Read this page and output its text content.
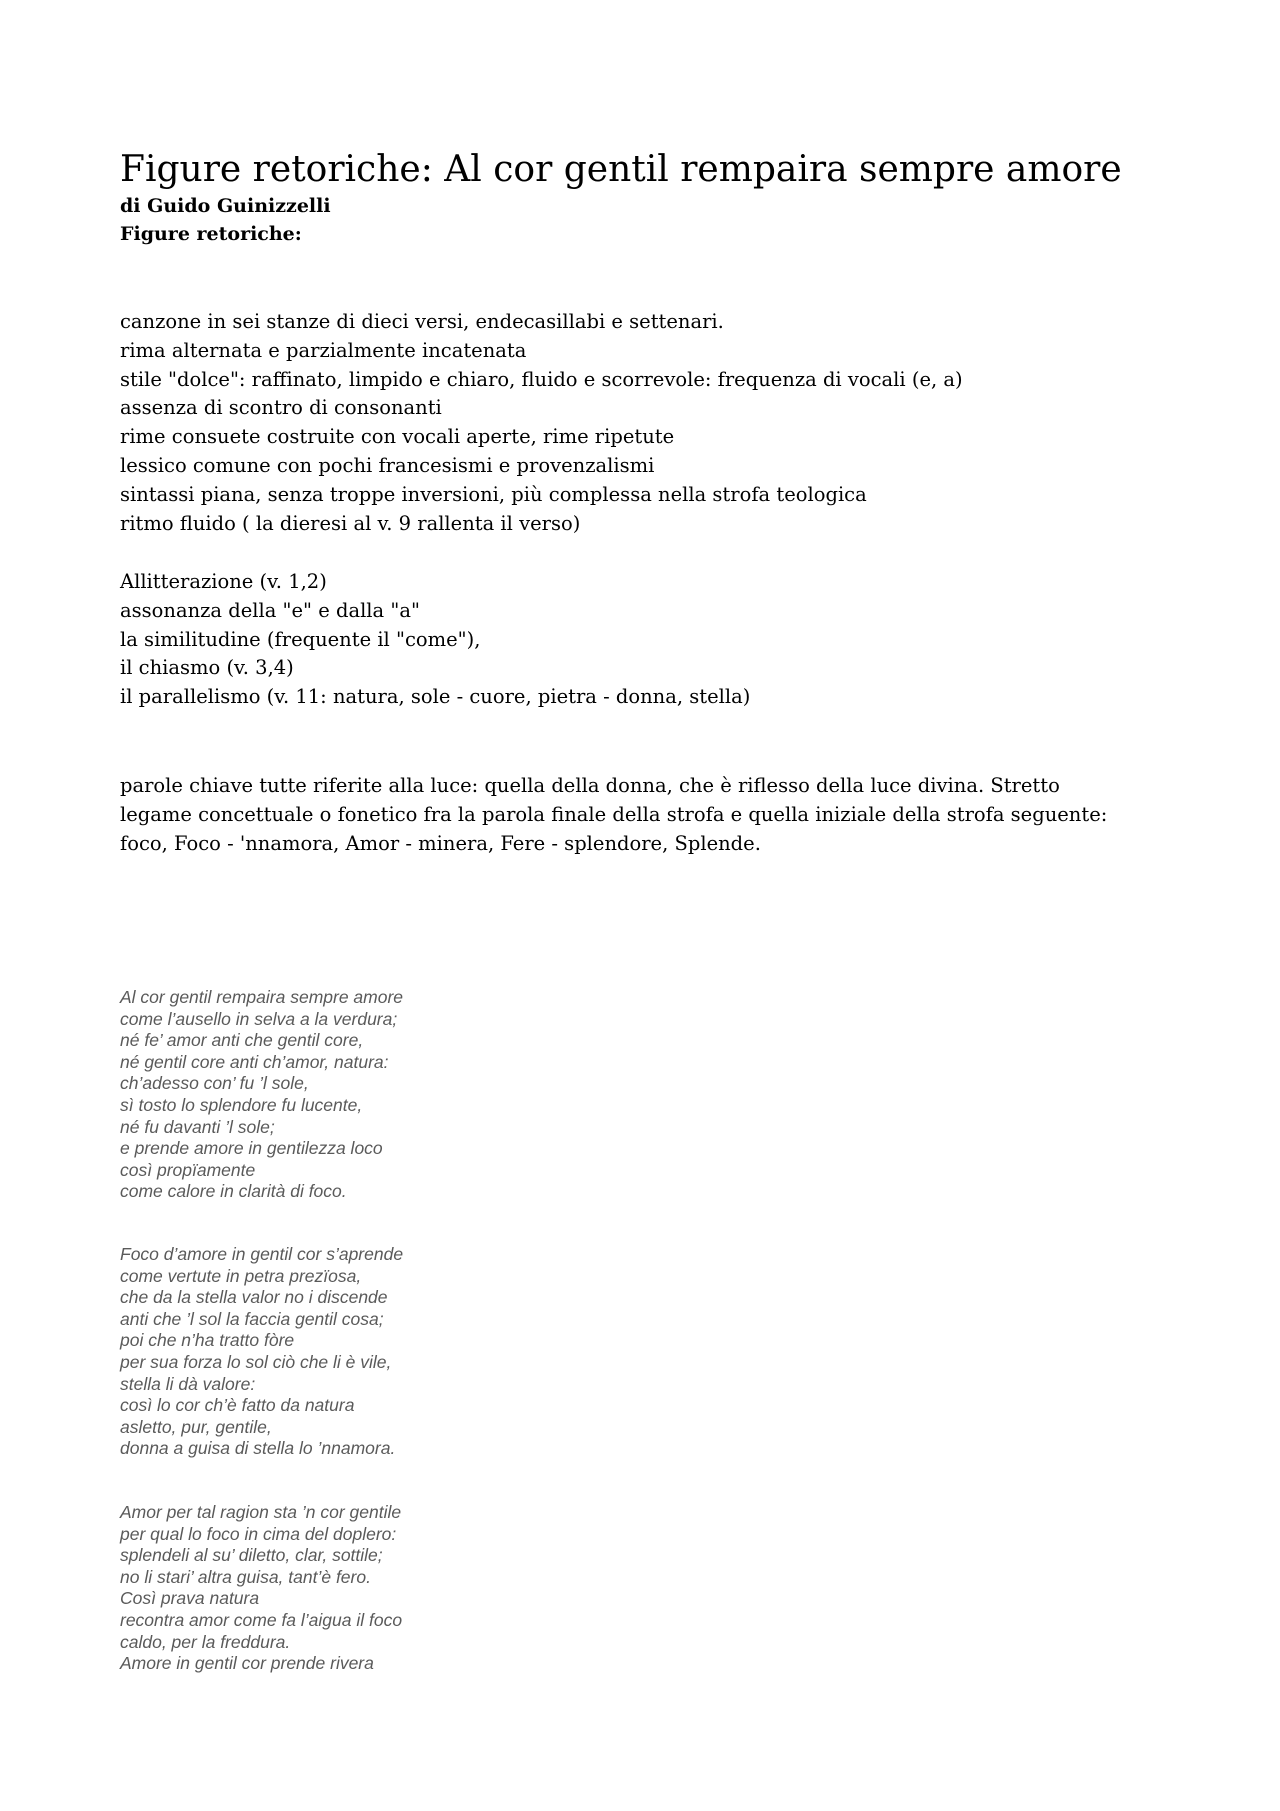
Figure retoriche: Al cor gentil rempaira sempre amore
di Guido Guinizzelli
Figure retoriche:
canzone in sei stanze di dieci versi, endecasillabi e settenari.
rima alternata e parzialmente incatenata
stile "dolce": raffinato, limpido e chiaro, fluido e scorrevole: frequenza di vocali (e, a)
assenza di scontro di consonanti
rime consuete costruite con vocali aperte, rime ripetute
lessico comune con pochi francesismi e provenzalismi
sintassi piana, senza troppe inversioni, più complessa nella strofa teologica
ritmo fluido ( la dieresi al v. 9 rallenta il verso)
Allitterazione (v. 1,2)
assonanza della "e" e dalla "a"
la similitudine (frequente il "come"),
il chiasmo (v. 3,4)
il parallelismo (v. 11: natura, sole - cuore, pietra - donna, stella)

parole chiave tutte riferite alla luce: quella della donna, che è riflesso della luce divina. Stretto legame concettuale o fonetico fra la parola finale della strofa e quella iniziale della strofa seguente: foco, Foco - 'nnamora, Amor - minera, Fere - splendore, Splende.

Al cor gentil rempaira sempre amore
come l’ausello in selva a la verdura;
né fe’ amor anti che gentil core,
né gentil core anti ch’amor, natura:
ch’adesso con’ fu ’l sole,
sì tosto lo splendore fu lucente,
né fu davanti ’l sole;
e prende amore in gentilezza loco
così propïamente
come calore in clarità di foco.
Foco d’amore in gentil cor s’aprende
come vertute in petra prezïosa,
che da la stella valor no i discende
anti che ’l sol la faccia gentil cosa;
poi che n’ha tratto fòre
per sua forza lo sol ciò che li è vile,
stella li dà valore:
così lo cor ch’è fatto da natura
asletto, pur, gentile,
donna a guisa di stella lo ’nnamora.
Amor per tal ragion sta ’n cor gentile
per qual lo foco in cima del doplero:
splendeli al su’ diletto, clar, sottile;
no li stari’ altra guisa, tant’è fero.
Così prava natura
recontra amor come fa l’aigua il foco
caldo, per la freddura.
Amore in gentil cor prende rivera
